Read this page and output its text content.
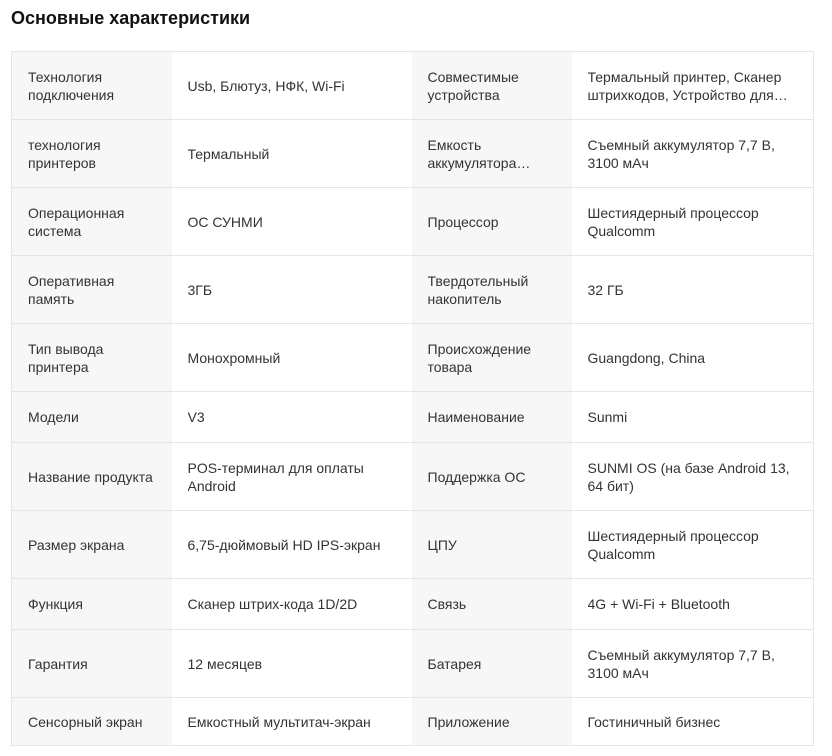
Основные характеристики
Технология подключения	Usb, Блютуз, НФК, Wi-Fi	Совместимые устройства	Термальный принтер, Сканер штрихкодов, Устройство для…

технология принтеров	Термальный	Емкость аккумулятора…	Съемный аккумулятор 7,7 В, 3100 мАч

Операционная система	ОС СУНМИ	Процессор	Шестиядерный процессор Qualcomm

Оперативная память	3ГБ	Твердотельный накопитель	32 ГБ

Тип вывода принтера	Монохромный	Происхождение товара	Guangdong, China

Модели	V3	Наименование	Sunmi

Название продукта	POS-терминал для оплаты Android	Поддержка ОС	SUNMI OS (на базе Android 13, 64 бит)

Размер экрана	6,75-дюймовый HD IPS-экран	ЦПУ	Шестиядерный процессор Qualcomm

Функция	Сканер штрих-кода 1D/2D	Связь	4G + Wi-Fi + Bluetooth

Гарантия	12 месяцев	Батарея	Съемный аккумулятор 7,7 В, 3100 мАч

Сенсорный экран	Емкостный мультитач-экран	Приложение	Гостиничный бизнес
